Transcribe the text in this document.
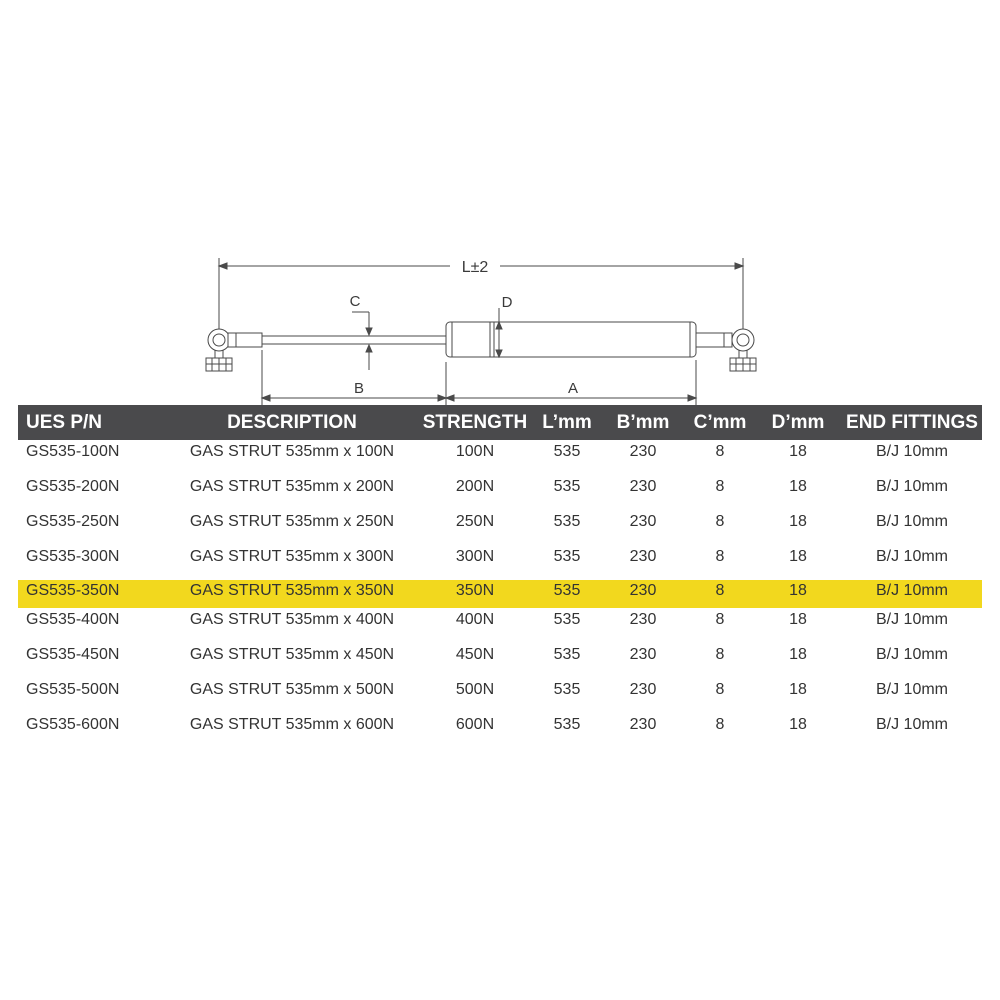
L±2
C	D
B	A
UES P/N	DESCRIPTION	STRENGTH	L’mm	B’mm	C’mm	D’mm	END FITTINGS
GS535-100N	GAS STRUT 535mm x 100N	100N	535	230	8	18	B/J 10mm
GS535-200N	GAS STRUT 535mm x 200N	200N	535	230	8	18	B/J 10mm
GS535-250N	GAS STRUT 535mm x 250N	250N	535	230	8	18	B/J 10mm
GS535-300N	GAS STRUT 535mm x 300N	300N	535	230	8	18	B/J 10mm
GS535-350N	GAS STRUT 535mm x 350N	350N	535	230	8	18	B/J 10mm
GS535-400N	GAS STRUT 535mm x 400N	400N	535	230	8	18	B/J 10mm
GS535-450N	GAS STRUT 535mm x 450N	450N	535	230	8	18	B/J 10mm
GS535-500N	GAS STRUT 535mm x 500N	500N	535	230	8	18	B/J 10mm
GS535-600N	GAS STRUT 535mm x 600N	600N	535	230	8	18	B/J 10mm
